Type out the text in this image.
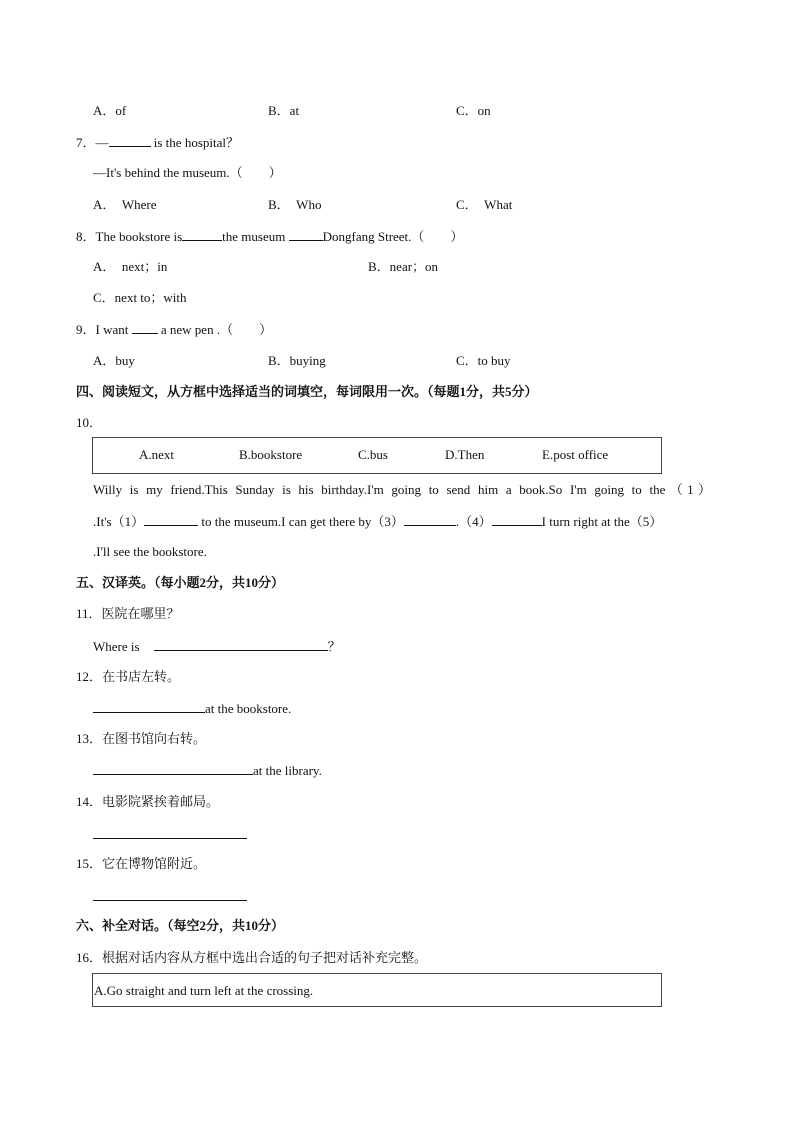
A．of	B．at	C．on
7．—	is the hospital？
—It's behind the museum.（　　）
A．　Where	B．　Who	C．　What
8．The bookstore is	the museum	Dongfang Street.（　　）
A．　next；in	B．near；on
C．next to；with
9．I want  a new pen .（　　）
A．buy	B．buying	C．to buy
四、阅读短文，从方框中选择适当的词填空，每词限用一次。（每题1分，共5分）
10．
A.next	B.bookstore	C.bus	D.Then	E.post office
Willy is my friend.This Sunday is his birthday.I'm going to send him a book.So I'm going to the（1）
.It's（1）	to the museum.I can get there by（3）	.（4）	I turn right at the（5）
.I'll see the bookstore.
五、汉译英。（每小题2分，共10分）
11．医院在哪里？
Where is	？
12．在书店左转。
at the bookstore.
13．在图书馆向右转。
at the library.
14．电影院紧挨着邮局。
15．它在博物馆附近。
六、补全对话。（每空2分，共10分）
16．根据对话内容从方框中选出合适的句子把对话补充完整。
A.Go straight and turn left at the crossing.
